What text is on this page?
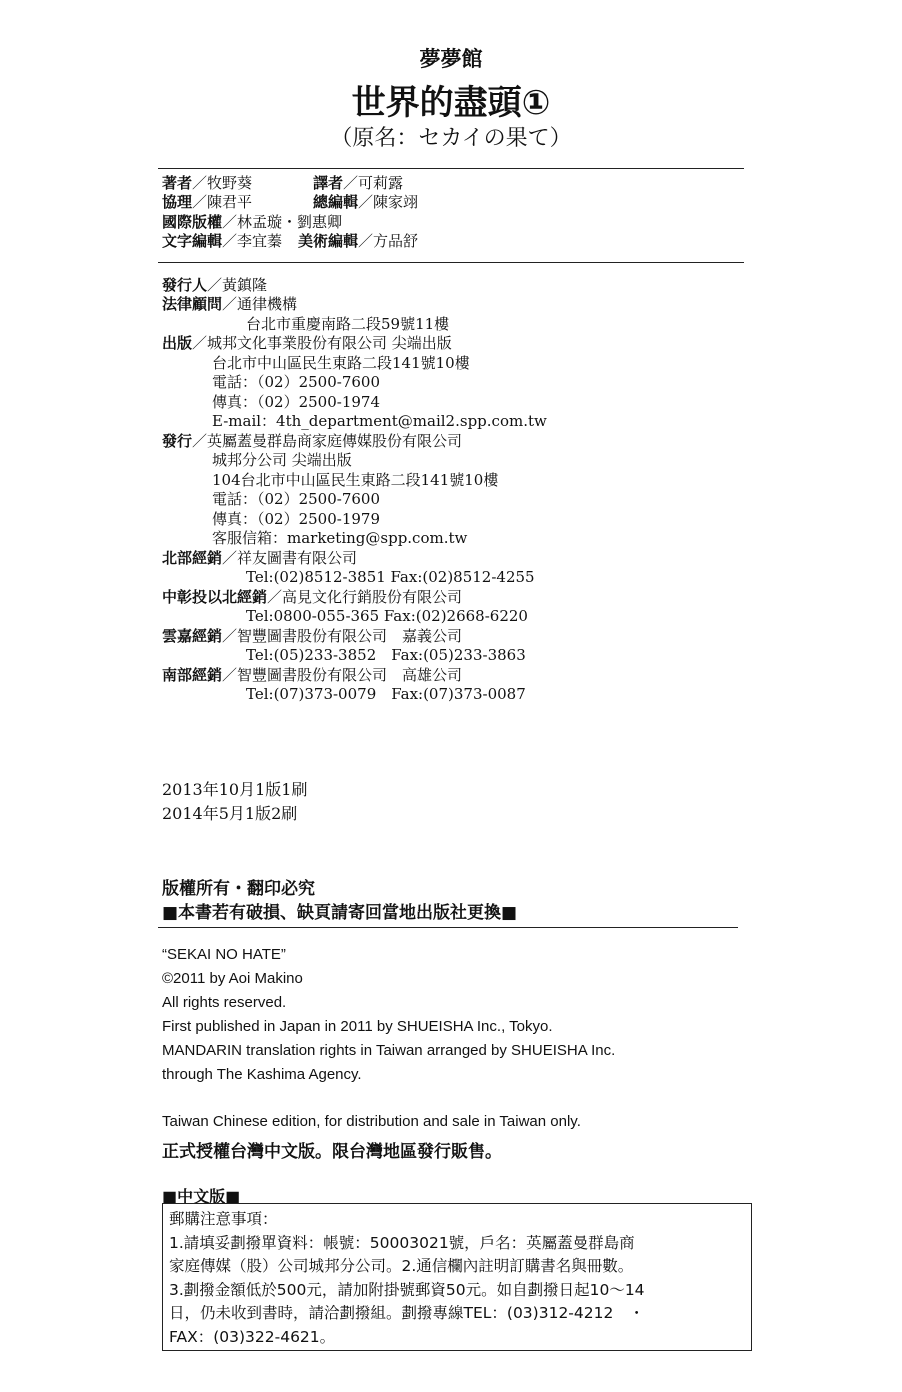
夢夢館
世界的盡頭①
（原名：セカイの果て）
著者／牧野葵	譯者／可莉露
協理／陳君平	總編輯／陳家翊
國際版權／林孟璇・劉惠卿
文字編輯／李宜蓁 美術編輯／方品舒
發行人／黃鎮隆
法律顧問／通律機構
台北市重慶南路二段59號11樓
出版／城邦文化事業股份有限公司 尖端出版
台北市中山區民生東路二段141號10樓
電話：（02）2500-7600
傳真：（02）2500-1974
E-mail：4th_department@mail2.spp.com.tw
發行／英屬蓋曼群島商家庭傳媒股份有限公司
城邦分公司 尖端出版
104台北市中山區民生東路二段141號10樓
電話：（02）2500-7600
傳真：（02）2500-1979
客服信箱：marketing@spp.com.tw
北部經銷／祥友圖書有限公司
Tel:(02)8512-3851 Fax:(02)8512-4255
中彰投以北經銷／高見文化行銷股份有限公司
Tel:0800-055-365 Fax:(02)2668-6220
雲嘉經銷／智豐圖書股份有限公司　嘉義公司
Tel:(05)233-3852　Fax:(05)233-3863
南部經銷／智豐圖書股份有限公司　高雄公司
Tel:(07)373-0079　Fax:(07)373-0087
2013年10月1版1刷
2014年5月1版2刷
版權所有・翻印必究
■本書若有破損、缺頁請寄回當地出版社更換■
“SEKAI NO HATE”
©2011 by Aoi Makino
All rights reserved.
First published in Japan in 2011 by SHUEISHA Inc., Tokyo.
MANDARIN translation rights in Taiwan arranged by SHUEISHA Inc.
through The Kashima Agency.
Taiwan Chinese edition, for distribution and sale in Taiwan only.
正式授權台灣中文版。限台灣地區發行販售。
■中文版■
郵購注意事項：
1.請填妥劃撥單資料：帳號：50003021號，戶名：英屬蓋曼群島商
家庭傳媒（股）公司城邦分公司。2.通信欄內註明訂購書名與冊數。
3.劃撥金額低於500元，請加附掛號郵資50元。如自劃撥日起10～14
日，仍未收到書時，請洽劃撥組。劃撥專線TEL：(03)312-4212　・
FAX：(03)322-4621。
